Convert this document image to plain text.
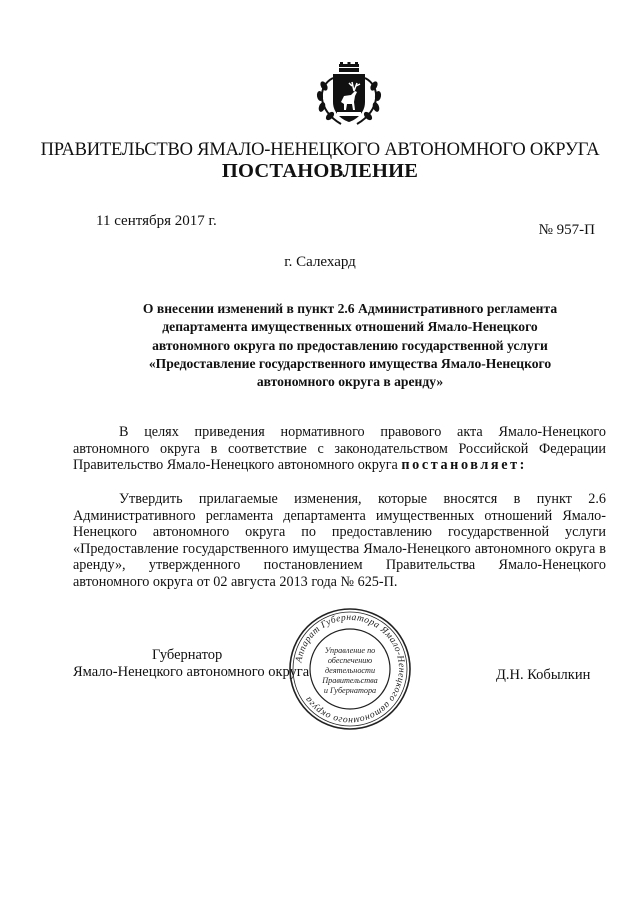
ПРАВИТЕЛЬСТВО ЯМАЛО-НЕНЕЦКОГО АВТОНОМНОГО ОКРУГА
ПОСТАНОВЛЕНИЕ
11 сентября 2017 г.
№ 957-П
г. Салехард
О внесении изменений в пункт 2.6 Административного регламента
департамента имущественных отношений Ямало-Ненецкого
автономного округа по предоставлению государственной услуги
«Предоставление государственного имущества Ямало-Ненецкого
автономного округа в аренду»

В целях приведения нормативного правового акта Ямало-Ненецкого автономного округа в соответствие с законодательством Российской Федерации Правительство Ямало-Ненецкого автономного округа постановляет:

Утвердить прилагаемые изменения, которые вносятся в пункт 2.6 Административного регламента департамента имущественных отношений Ямало-Ненецкого автономного округа по предоставлению государственной услуги «Предоставление государственного имущества Ямало-Ненецкого автономного округа в аренду», утвержденного постановлением Правительства Ямало-Ненецкого автономного округа от 02 августа 2013 года № 625-П.

Губернатор
Ямало-Ненецкого автономного округа	Д.Н. Кобылкин
Аппарат Губернатора Ямало-Ненецкого автономного округа
Управление по
обеспечению
деятельности
Правительства
и Губернатора
